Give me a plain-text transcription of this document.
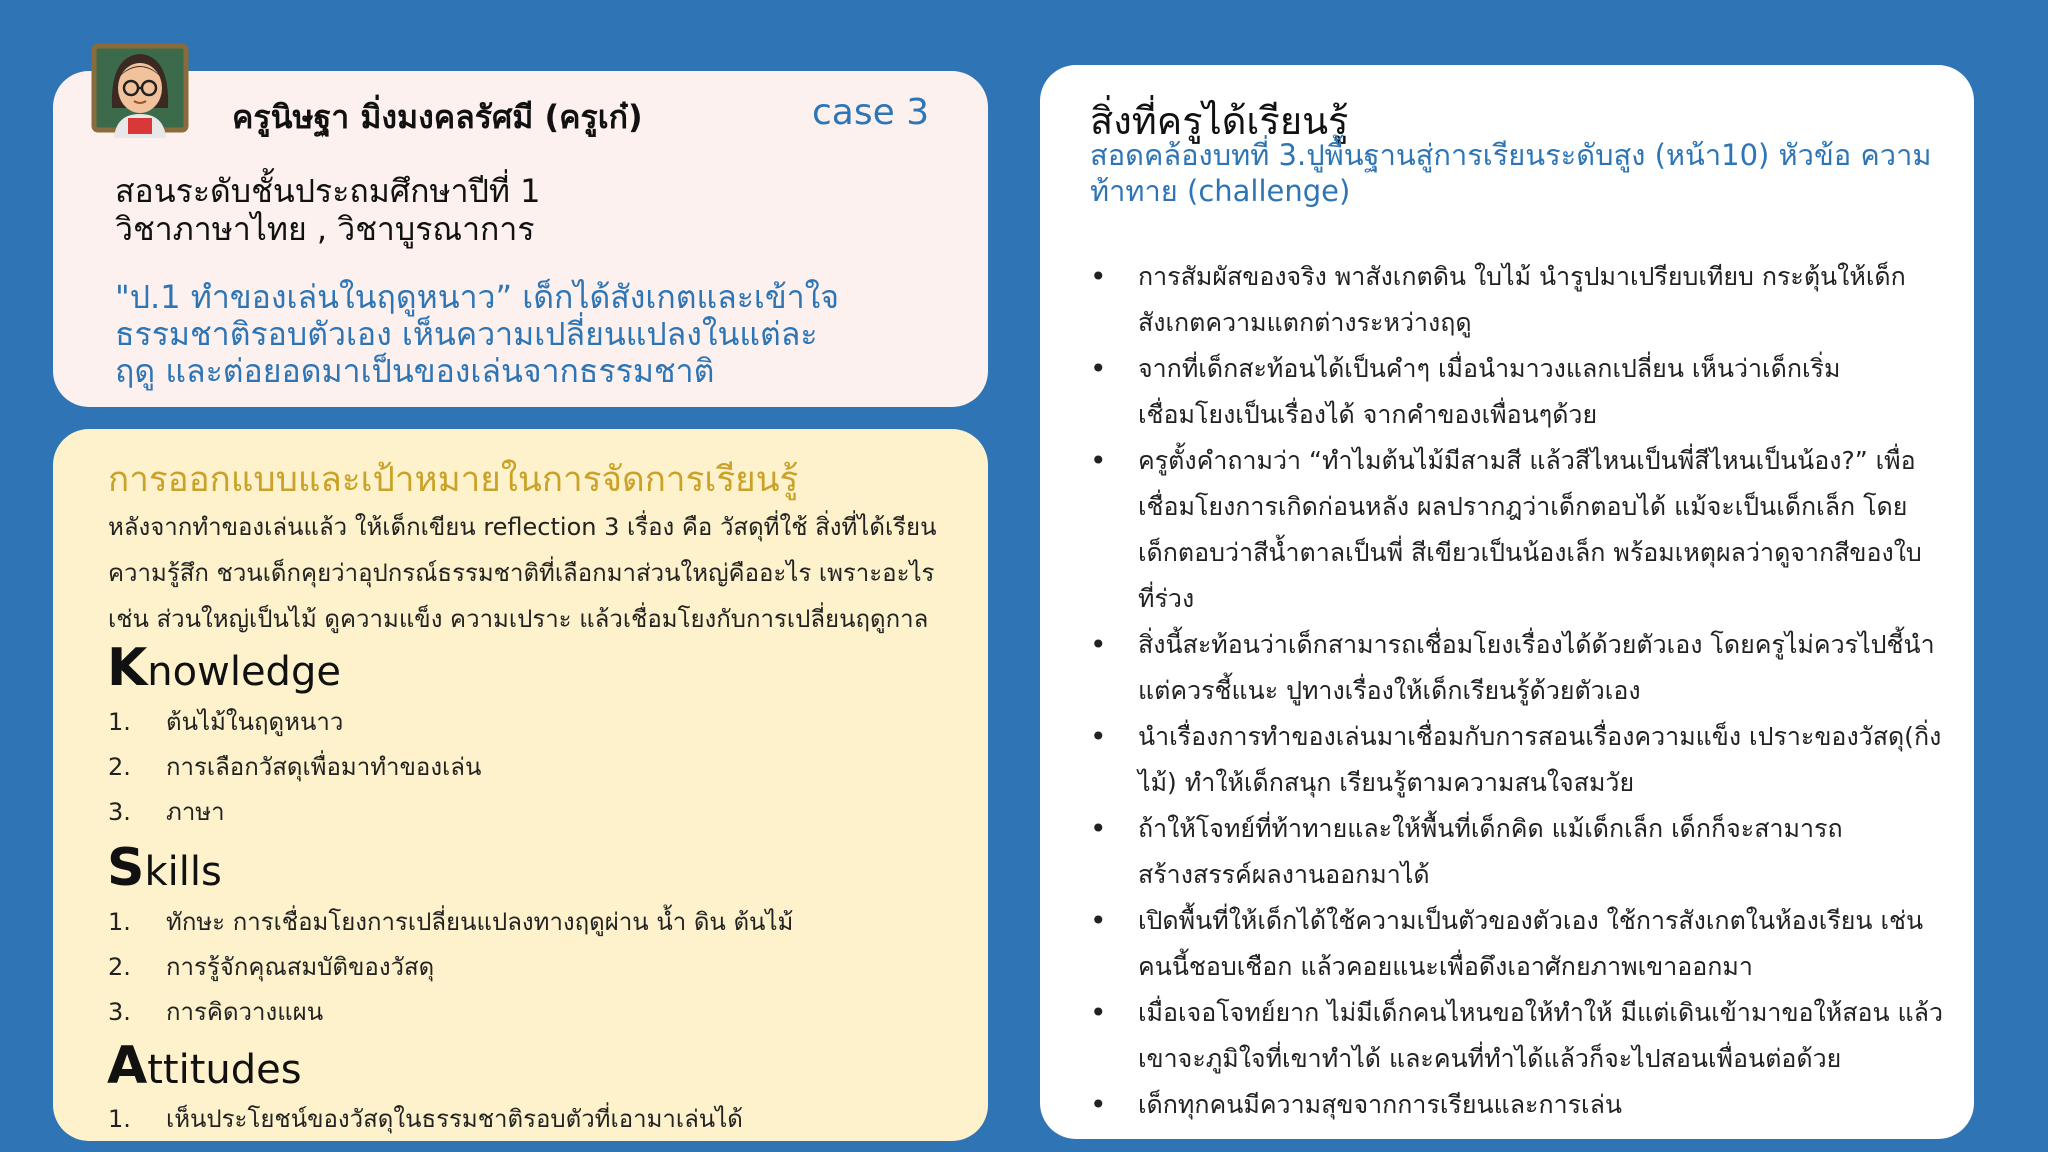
ครูนิษฐา มิ่งมงคลรัศมี (ครูเก๋)	case 3
สอนระดับชั้นประถมศึกษาปีที่ 1
วิชาภาษาไทย , วิชาบูรณาการ
"ป.1 ทำของเล่นในฤดูหนาว” เด็กได้สังเกตและเข้าใจ
ธรรมชาติรอบตัวเอง เห็นความเปลี่ยนแปลงในแต่ละ
ฤดู และต่อยอดมาเป็นของเล่นจากธรรมชาติ
การออกแบบและเป้าหมายในการจัดการเรียนรู้
หลังจากทำของเล่นแล้ว ให้เด็กเขียน reflection 3 เรื่อง คือ วัสดุที่ใช้ สิ่งที่ได้เรียน
ความรู้สึก ชวนเด็กคุยว่าอุปกรณ์ธรรมชาติที่เลือกมาส่วนใหญ่คืออะไร เพราะอะไร
เช่น ส่วนใหญ่เป็นไม้ ดูความแข็ง ความเปราะ แล้วเชื่อมโยงกับการเปลี่ยนฤดูกาล
Knowledge
1. ต้นไม้ในฤดูหนาว
2. การเลือกวัสดุเพื่อมาทำของเล่น
3. ภาษา
Skills
1. ทักษะ การเชื่อมโยงการเปลี่ยนแปลงทางฤดูผ่าน น้ำ ดิน ต้นไม้
2. การรู้จักคุณสมบัติของวัสดุ
3. การคิดวางแผน
Attitudes
1. เห็นประโยชน์ของวัสดุในธรรมชาติรอบตัวที่เอามาเล่นได้
สิ่งที่ครูได้เรียนรู้
สอดคล้องบทที่ 3.ปูพื้นฐานสู่การเรียนระดับสูง (หน้า10) หัวข้อ ความท้าทาย (challenge)
• การสัมผัสของจริง พาสังเกตดิน ใบไม้ นำรูปมาเปรียบเทียบ กระตุ้นให้เด็ก
สังเกตความแตกต่างระหว่างฤดู
• จากที่เด็กสะท้อนได้เป็นคำๆ เมื่อนำมาวงแลกเปลี่ยน เห็นว่าเด็กเริ่ม
เชื่อมโยงเป็นเรื่องได้ จากคำของเพื่อนๆด้วย
• ครูตั้งคำถามว่า “ทำไมต้นไม้มีสามสี แล้วสีไหนเป็นพี่สีไหนเป็นน้อง?” เพื่อ
เชื่อมโยงการเกิดก่อนหลัง ผลปรากฎว่าเด็กตอบได้ แม้จะเป็นเด็กเล็ก โดย
เด็กตอบว่าสีน้ำตาลเป็นพี่ สีเขียวเป็นน้องเล็ก พร้อมเหตุผลว่าดูจากสีของใบ
ที่ร่วง
• สิ่งนี้สะท้อนว่าเด็กสามารถเชื่อมโยงเรื่องได้ด้วยตัวเอง โดยครูไม่ควรไปชี้นำ
แต่ควรชี้แนะ ปูทางเรื่องให้เด็กเรียนรู้ด้วยตัวเอง
• นำเรื่องการทำของเล่นมาเชื่อมกับการสอนเรื่องความแข็ง เปราะของวัสดุ(กิ่ง
ไม้) ทำให้เด็กสนุก เรียนรู้ตามความสนใจสมวัย
• ถ้าให้โจทย์ที่ท้าทายและให้พื้นที่เด็กคิด แม้เด็กเล็ก เด็กก็จะสามารถ
สร้างสรรค์ผลงานออกมาได้
• เปิดพื้นที่ให้เด็กได้ใช้ความเป็นตัวของตัวเอง ใช้การสังเกตในห้องเรียน เช่น
คนนี้ชอบเชือก แล้วคอยแนะเพื่อดึงเอาศักยภาพเขาออกมา
• เมื่อเจอโจทย์ยาก ไม่มีเด็กคนไหนขอให้ทำให้ มีแต่เดินเข้ามาขอให้สอน แล้ว
เขาจะภูมิใจที่เขาทำได้ และคนที่ทำได้แล้วก็จะไปสอนเพื่อนต่อด้วย
• เด็กทุกคนมีความสุขจากการเรียนและการเล่น
